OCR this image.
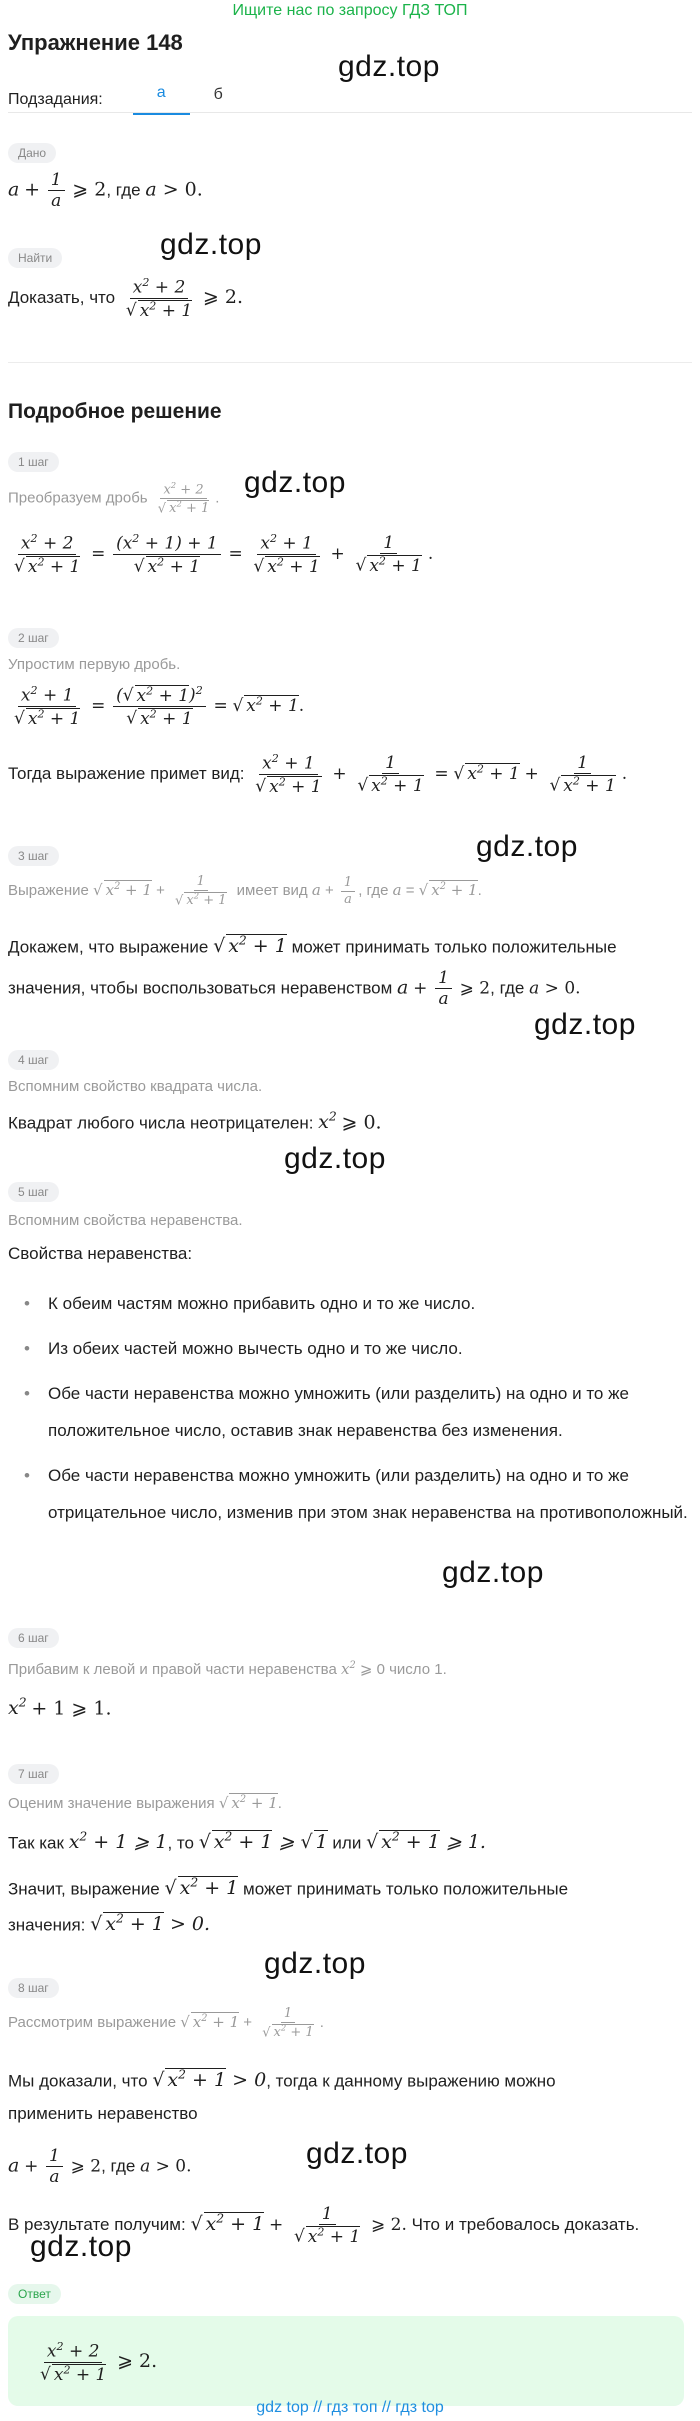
Ищите нас по запросу ГДЗ ТОП
Упражнение 148
Подзадания:	а	б
gdz.top
gdz.top
gdz.top
gdz.top
gdz.top
gdz.top
gdz.top
gdz.top
gdz.top
gdz.top
Дано
$a + \frac{1}{a}$ ⩾ 2, где a > 0.
Найти
Доказать, что $\frac{x^2 + 2}{√ x^2 + 1}$ ⩾ 2.
Подробное решение
1 шаг
Преобразуем дробь $\frac{x^2 + 2}{√ x^2 + 1}$ .
$\frac{x^2 + 2}{√ x^2 + 1} = \frac{(x^2 + 1) + 1}{√ x^2 + 1} = \frac{x^2 + 1}{√ x^2 + 1} + \frac{1}{√ x^2 + 1}$ .
2 шаг
Упростим первую дробь.
$\frac{x^2 + 1}{√ x^2 + 1} = \frac{(√ x^2 + 1)^2}{√ x^2 + 1}$ = √ $x^2 + 1$.
Тогда выражение примет вид: $\frac{x^2 + 1}{√ x^2 + 1} + \frac{1}{√ x^2 + 1}$ = √ $x^2 + 1 + \frac{1}{√ x^2 + 1}$ .
3 шаг
Выражение √ $x^2 + 1 + \frac{1}{√ x^2 + 1}$ имеет вид $a + \frac{1}{a}$ , где a = √ $x^2 + 1$.
Докажем, что выражение √ $x^2 + 1$ может принимать только положительные
значения, чтобы воспользоваться неравенством $a + \frac{1}{a}$ ⩾ 2, где a > 0.
4 шаг
Вспомним свойство квадрата числа.
Квадрат любого числа неотрицателен: $x^2$ ⩾ 0.
5 шаг
Вспомним свойства неравенства.
Свойства неравенства:
• К обеим частям можно прибавить одно и то же число.
• Из обеих частей можно вычесть одно и то же число.
• Обе части неравенства можно умножить (или разделить) на одно и то же положительное число, оставив знак неравенства без изменения.
• Обе части неравенства можно умножить (или разделить) на одно и то же отрицательное число, изменив при этом знак неравенства на противоположный.
6 шаг
Прибавим к левой и правой части неравенства $x^2$ ⩾ 0 число 1.
$x^2 + 1$ ⩾ 1.
7 шаг
Оценим значение выражения √ $x^2 + 1$.
Так как $x^2 + 1$ ⩾ 1, то √ $x^2 + 1$ ⩾ √ 1 или √ $x^2 + 1$ ⩾ 1.
Значит, выражение √ $x^2 + 1$ может принимать только положительные
значения: √ $x^2 + 1 > 0$.
8 шаг
Рассмотрим выражение √ $x^2 + 1 + \frac{1}{√ x^2 + 1}$ .
Мы доказали, что √ $x^2 + 1 > 0$, тогда к данному выражению можно
применить неравенство
$a + \frac{1}{a}$ ⩾ 2, где a > 0.
В результате получим: √ $x^2 + 1 + \frac{1}{√ x^2 + 1}$ ⩾ 2. Что и требовалось доказать.
Ответ
$\frac{x^2 + 2}{√ x^2 + 1}$ ⩾ 2.
gdz top // гдз топ // гдз top
